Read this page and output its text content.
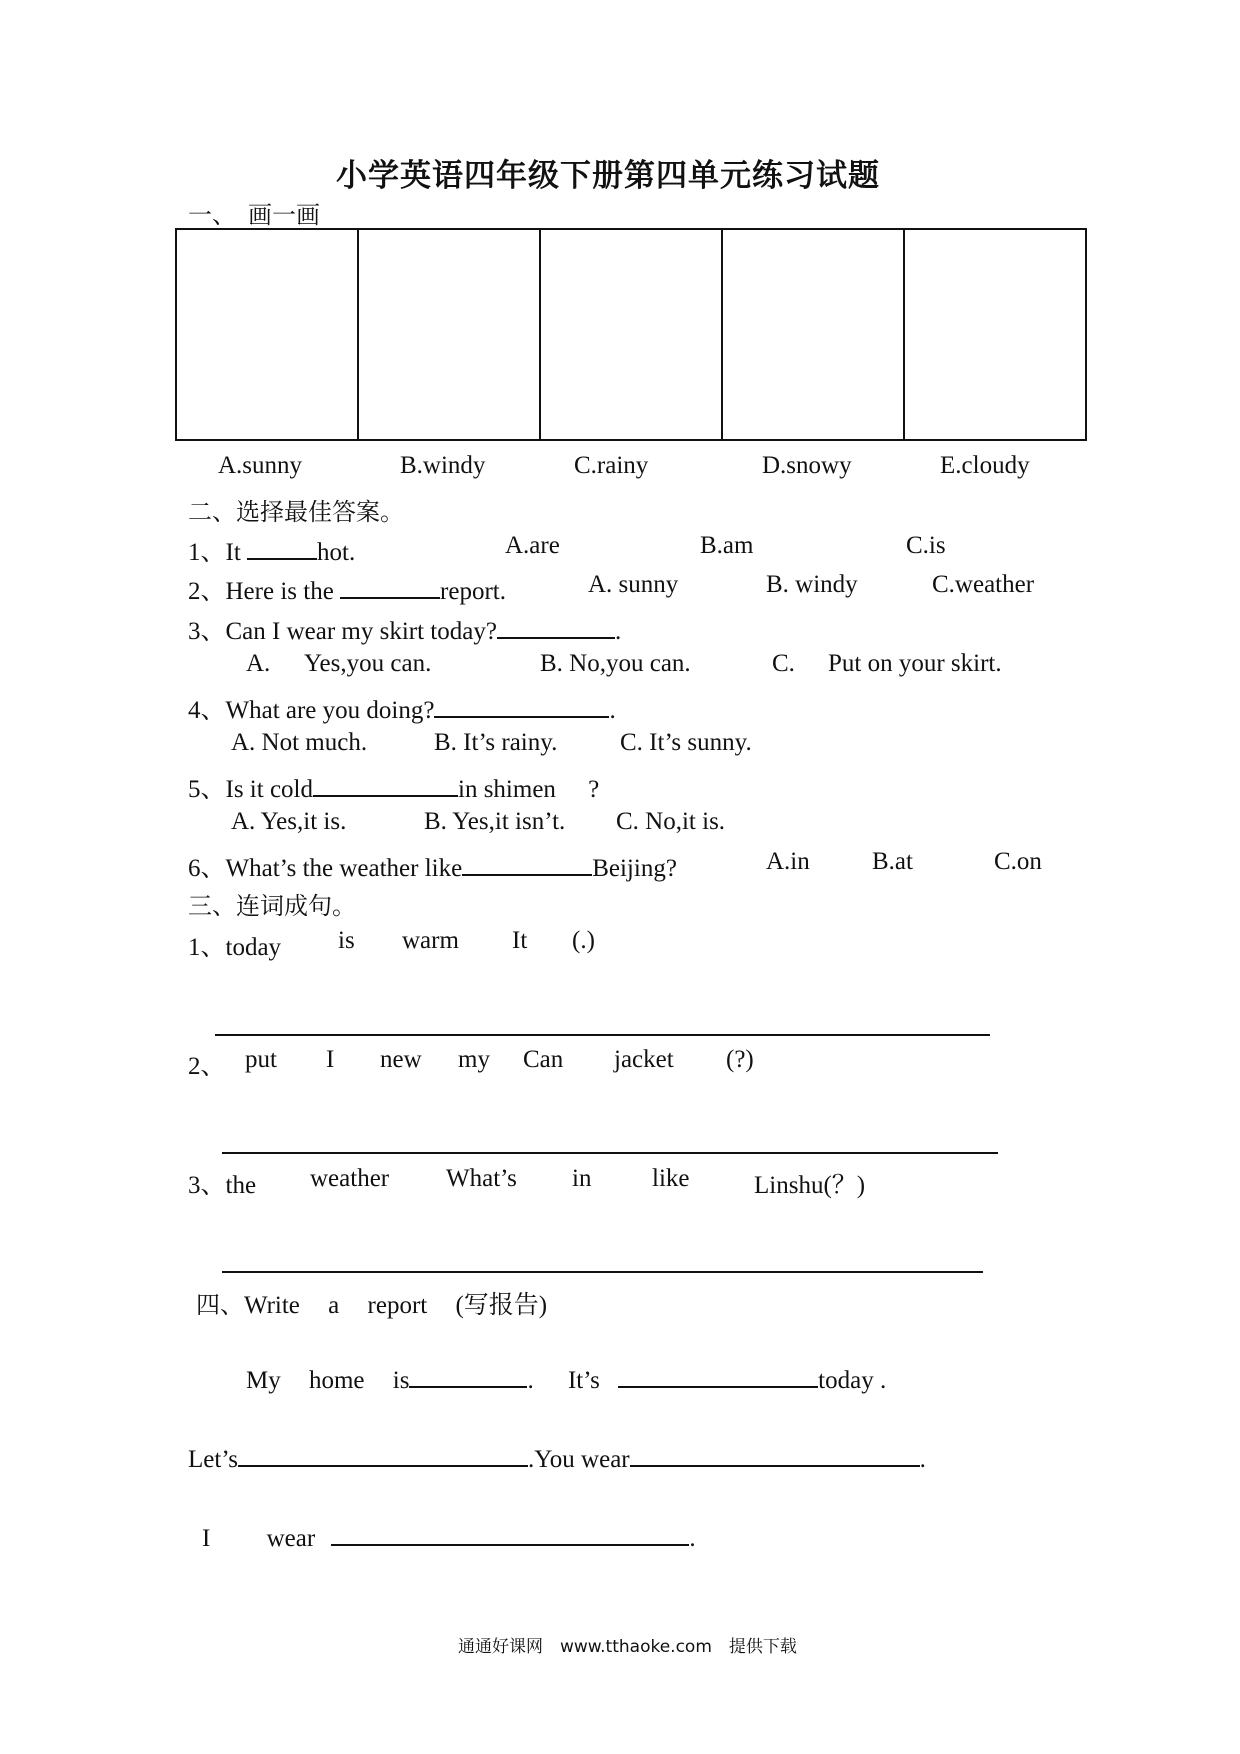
小学英语四年级下册第四单元练习试题
一、　画一画
A.sunny	B.windy	C.rainy	D.snowy	E.cloudy
二、选择最佳答案。
1、It	hot.	A.are	B.am	C.is
2、Here is the	report.	A. sunny	B. windy	C.weather
3、Can I wear my skirt today?	.
A. Yes,you can.	B. No,you can.	C. Put on your skirt.
4、What are you doing?	.
A. Not much.	B. It’s rainy.	C. It’s sunny.
5、Is it cold	in shimen ?
A. Yes,it is.	B. Yes,it isn’t. C. No,it is.
6、What’s the weather like	Beijing?	A.in B.at	C.on
三、连词成句。
1、today is warm It (.)
2、 put I new my Can jacket (?)
3、the weather What’s in like	Linshu(？)
四、Write a report (写报告)
My home is	. It’s	today .
Let’s	.You wear	.
I wear	.
通通好课网　www.tthaoke.com　提供下载
